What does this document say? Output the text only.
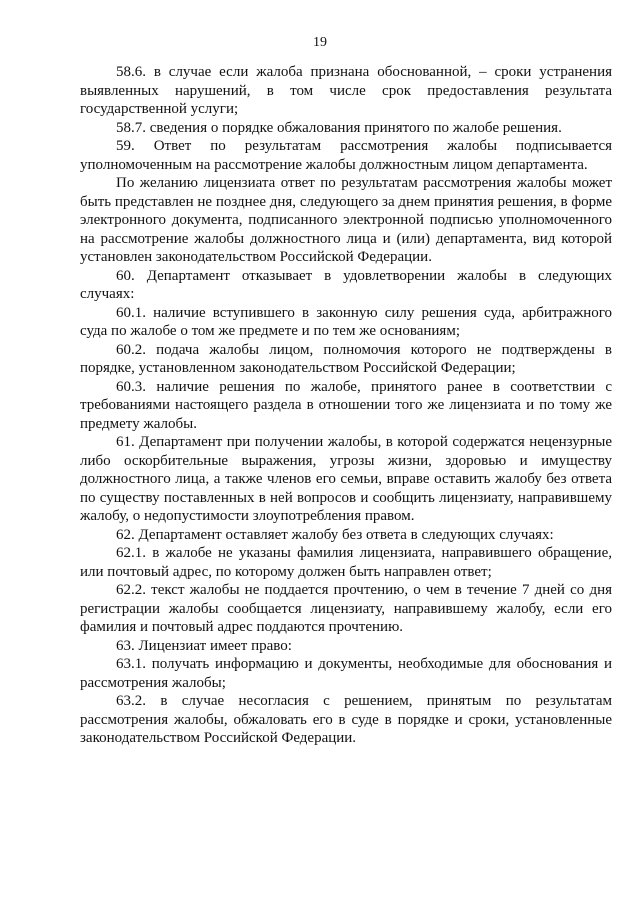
19

58.6. в случае если жалоба признана обоснованной, – сроки устранения выявленных нарушений, в том числе срок предоставления результата государственной услуги;

58.7. сведения о порядке обжалования принятого по жалобе решения.

59. Ответ по результатам рассмотрения жалобы подписывается уполномоченным на рассмотрение жалобы должностным лицом департамента.

По желанию лицензиата ответ по результатам рассмотрения жалобы может быть представлен не позднее дня, следующего за днем принятия решения, в форме электронного документа, подписанного электронной подписью уполномоченного на рассмотрение жалобы должностного лица и (или) департамента, вид которой установлен законодательством Российской Федерации.

60. Департамент отказывает в удовлетворении жалобы в следующих случаях:

60.1. наличие вступившего в законную силу решения суда, арбитражного суда по жалобе о том же предмете и по тем же основаниям;

60.2. подача жалобы лицом, полномочия которого не подтверждены в порядке, установленном законодательством Российской Федерации;

60.3. наличие решения по жалобе, принятого ранее в соответствии с требованиями настоящего раздела в отношении того же лицензиата и по тому же предмету жалобы.

61. Департамент при получении жалобы, в которой содержатся нецензурные либо оскорбительные выражения, угрозы жизни, здоровью и имуществу должностного лица, а также членов его семьи, вправе оставить жалобу без ответа по существу поставленных в ней вопросов и сообщить лицензиату, направившему жалобу, о недопустимости злоупотребления правом.

62. Департамент оставляет жалобу без ответа в следующих случаях:

62.1. в жалобе не указаны фамилия лицензиата, направившего обращение, или почтовый адрес, по которому должен быть направлен ответ;

62.2. текст жалобы не поддается прочтению, о чем в течение 7 дней со дня регистрации жалобы сообщается лицензиату, направившему жалобу, если его фамилия и почтовый адрес поддаются прочтению.

63. Лицензиат имеет право:

63.1. получать информацию и документы, необходимые для обоснования и рассмотрения жалобы;

63.2. в случае несогласия с решением, принятым по результатам рассмотрения жалобы, обжаловать его в суде в порядке и сроки, установленные законодательством Российской Федерации.
